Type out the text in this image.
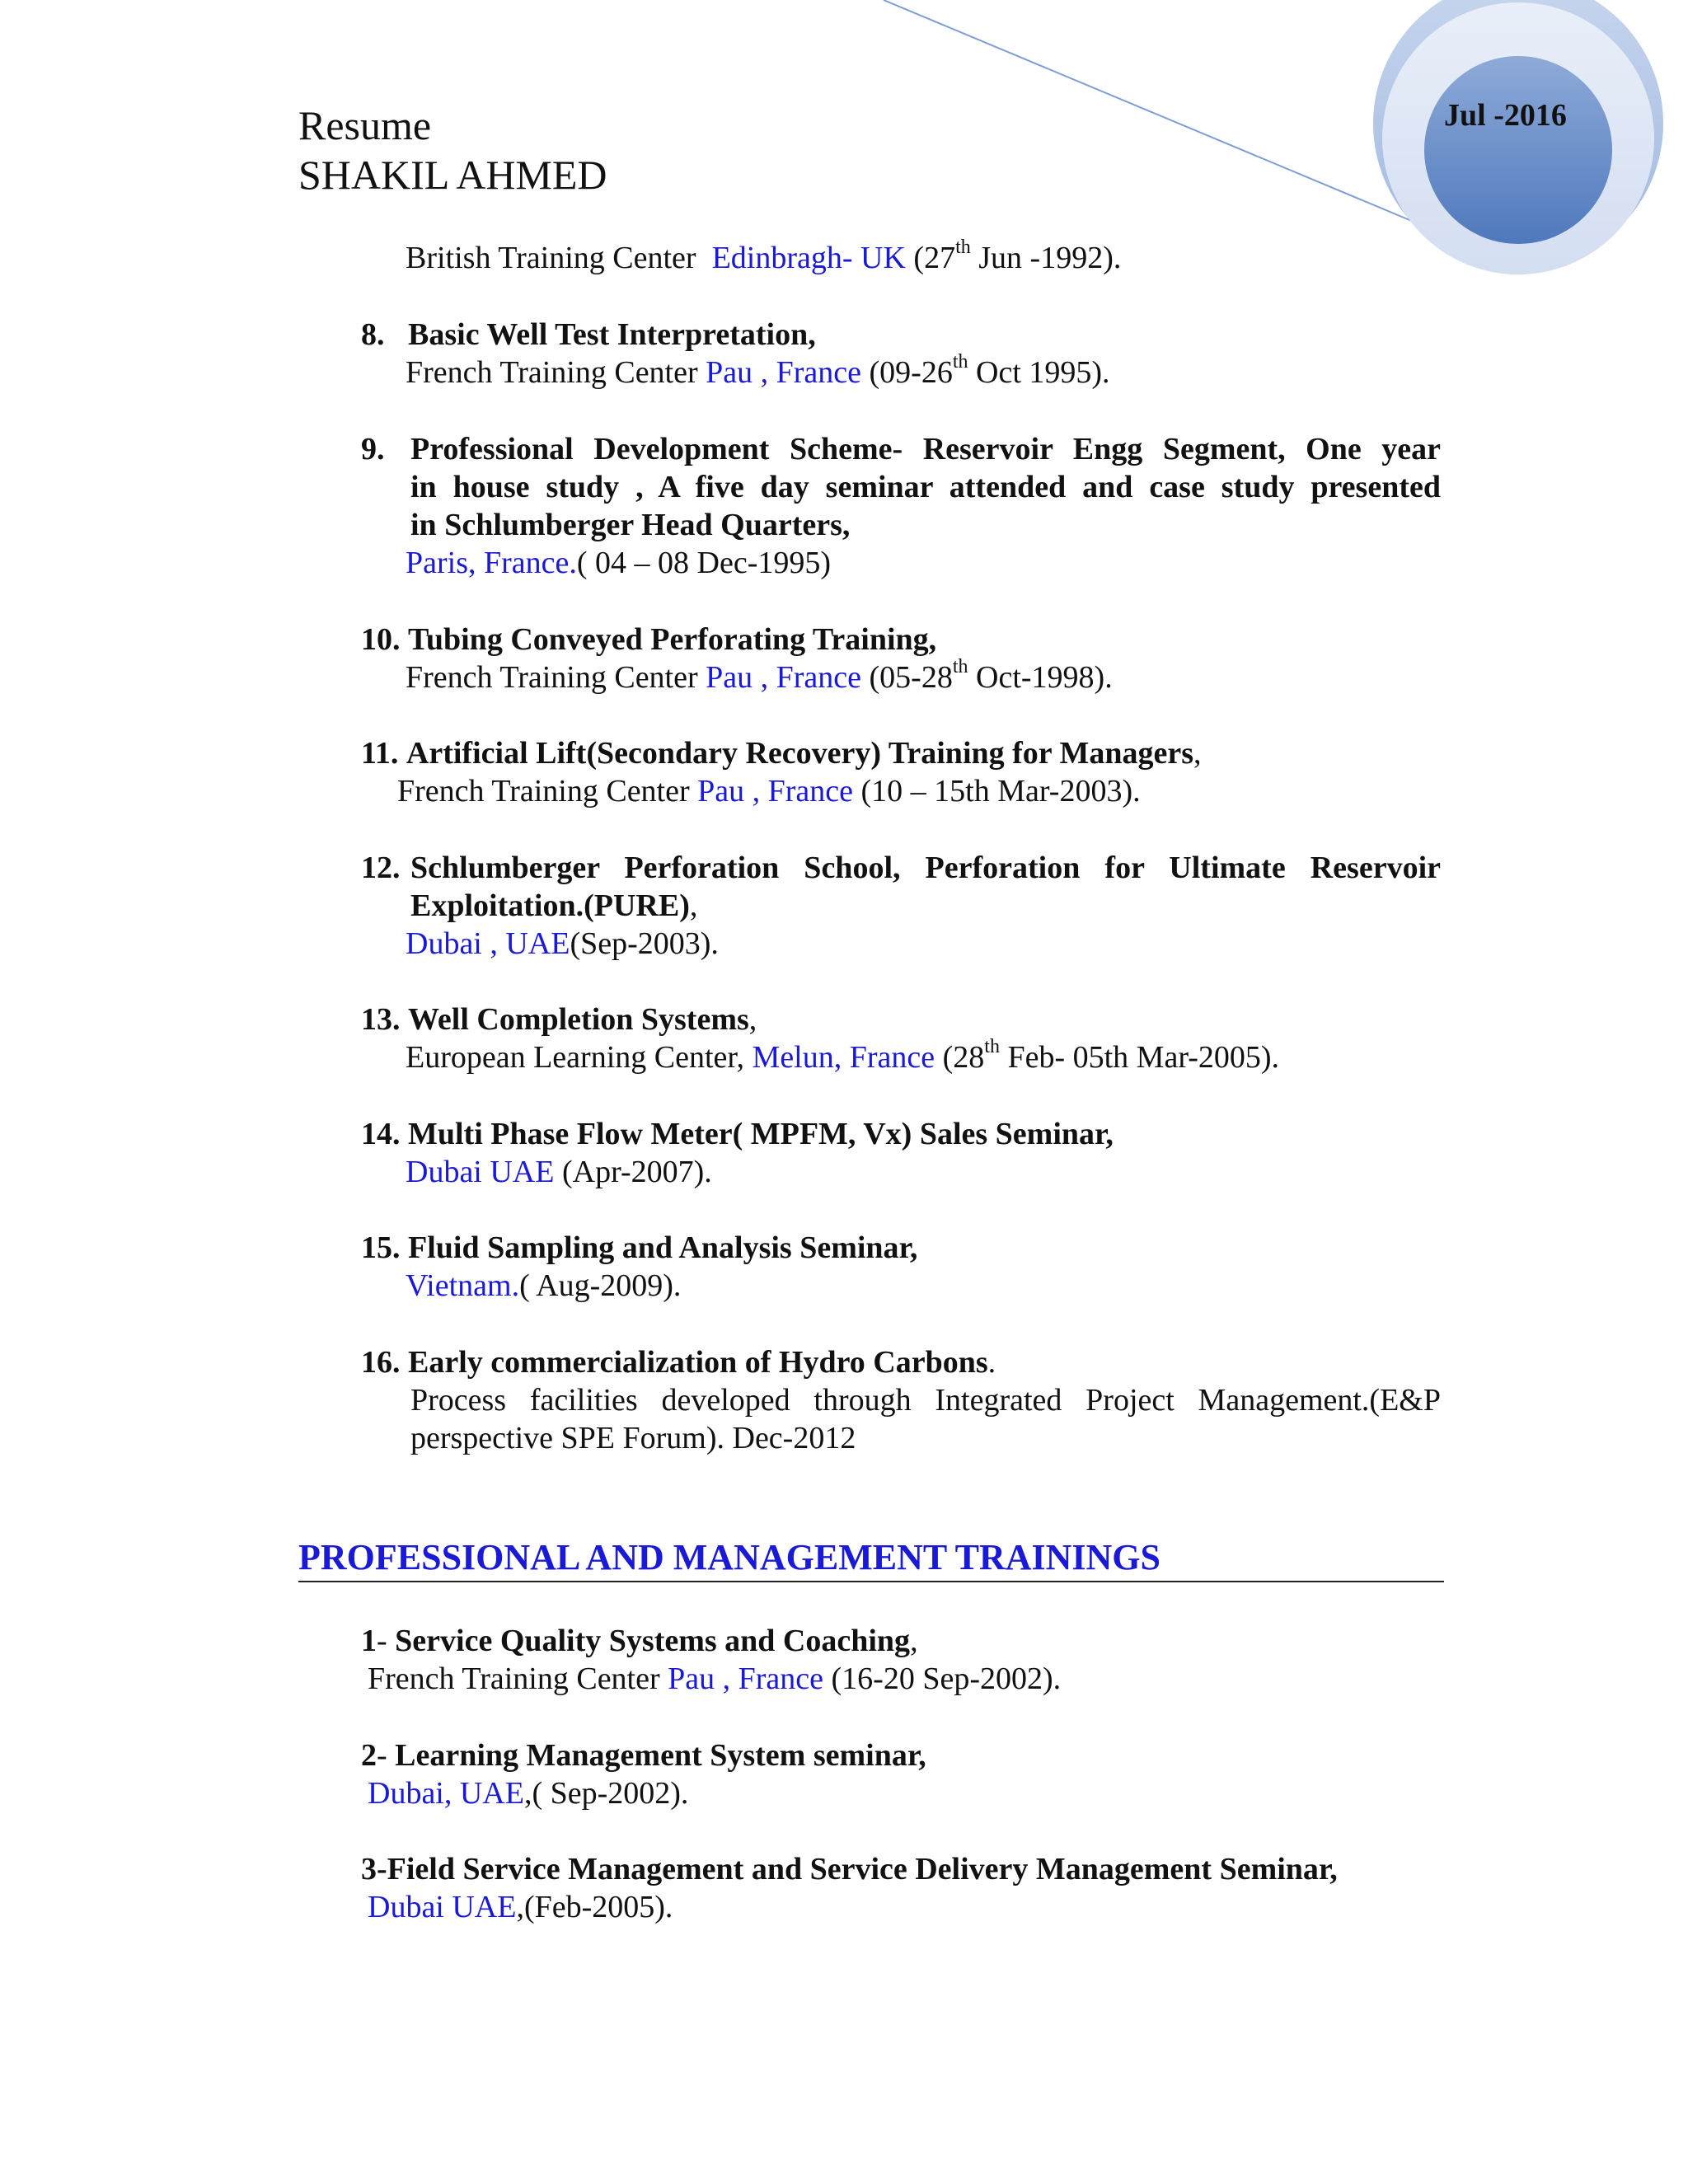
Jul -2016
Resume
SHAKIL AHMED
British Training Center Edinbragh- UK (27th Jun -1992).
8. Basic Well Test Interpretation,
French Training Center Pau , France (09-26th Oct 1995).
9. Professional Development Scheme- Reservoir Engg Segment, One year
in house study , A five day seminar attended and case study presented
in Schlumberger Head Quarters,
Paris, France.( 04 – 08 Dec-1995)
10. Tubing Conveyed Perforating Training,
French Training Center Pau , France (05-28th Oct-1998).
11. Artificial Lift(Secondary Recovery) Training for Managers,
French Training Center Pau , France (10 – 15th Mar-2003).
12. Schlumberger Perforation School, Perforation for Ultimate Reservoir
Exploitation.(PURE),
Dubai , UAE(Sep-2003).
13. Well Completion Systems,
European Learning Center, Melun, France (28th Feb- 05th Mar-2005).
14. Multi Phase Flow Meter( MPFM, Vx) Sales Seminar,
Dubai UAE (Apr-2007).
15. Fluid Sampling and Analysis Seminar,
Vietnam.( Aug-2009).
16. Early commercialization of Hydro Carbons.
Process facilities developed through Integrated Project Management.(E&P
perspective SPE Forum). Dec-2012
PROFESSIONAL AND MANAGEMENT TRAININGS
1- Service Quality Systems and Coaching,
French Training Center Pau , France (16-20 Sep-2002).
2- Learning Management System seminar,
Dubai, UAE,( Sep-2002).
3-Field Service Management and Service Delivery Management Seminar,
Dubai UAE,(Feb-2005).
